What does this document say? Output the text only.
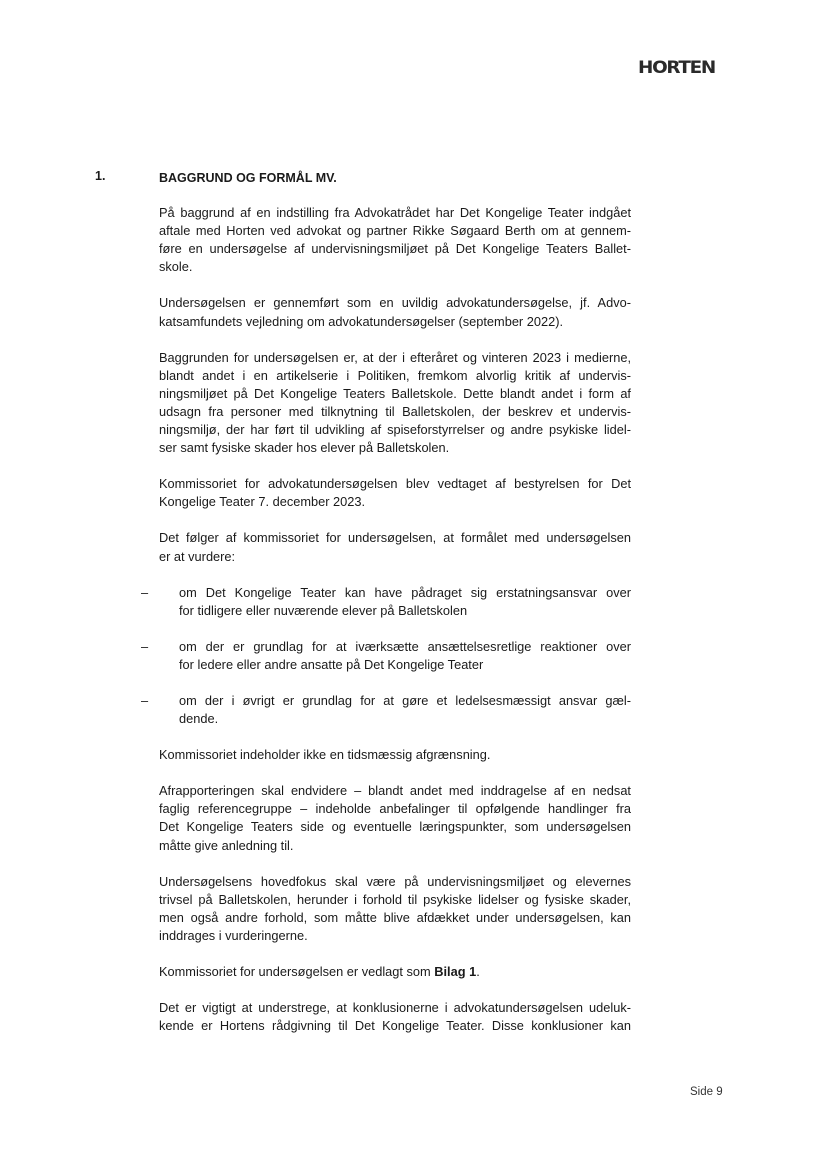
HORTEN
1.	BAGGRUND OG FORMÅL MV.
På baggrund af en indstilling fra Advokatrådet har Det Kongelige Teater indgået
aftale med Horten ved advokat og partner Rikke Søgaard Berth om at gennem-
føre en undersøgelse af undervisningsmiljøet på Det Kongelige Teaters Ballet-
skole.
Undersøgelsen er gennemført som en uvildig advokatundersøgelse, jf. Advo-
katsamfundets vejledning om advokatundersøgelser (september 2022).
Baggrunden for undersøgelsen er, at der i efteråret og vinteren 2023 i medierne,
blandt andet i en artikelserie i Politiken, fremkom alvorlig kritik af undervis-
ningsmiljøet på Det Kongelige Teaters Balletskole. Dette blandt andet i form af
udsagn fra personer med tilknytning til Balletskolen, der beskrev et undervis-
ningsmiljø, der har ført til udvikling af spiseforstyrrelser og andre psykiske lidel-
ser samt fysiske skader hos elever på Balletskolen.
Kommissoriet for advokatundersøgelsen blev vedtaget af bestyrelsen for Det
Kongelige Teater 7. december 2023.
Det følger af kommissoriet for undersøgelsen, at formålet med undersøgelsen
er at vurdere:
–	om Det Kongelige Teater kan have pådraget sig erstatningsansvar over
for tidligere eller nuværende elever på Balletskolen
–	om der er grundlag for at iværksætte ansættelsesretlige reaktioner over
for ledere eller andre ansatte på Det Kongelige Teater
–	om der i øvrigt er grundlag for at gøre et ledelsesmæssigt ansvar gæl-
dende.
Kommissoriet indeholder ikke en tidsmæssig afgrænsning.
Afrapporteringen skal endvidere – blandt andet med inddragelse af en nedsat
faglig referencegruppe – indeholde anbefalinger til opfølgende handlinger fra
Det Kongelige Teaters side og eventuelle læringspunkter, som undersøgelsen
måtte give anledning til.
Undersøgelsens hovedfokus skal være på undervisningsmiljøet og elevernes
trivsel på Balletskolen, herunder i forhold til psykiske lidelser og fysiske skader,
men også andre forhold, som måtte blive afdækket under undersøgelsen, kan
inddrages i vurderingerne.
Kommissoriet for undersøgelsen er vedlagt som Bilag 1.
Det er vigtigt at understrege, at konklusionerne i advokatundersøgelsen udeluk-
kende er Hortens rådgivning til Det Kongelige Teater. Disse konklusioner kan
Side 9
